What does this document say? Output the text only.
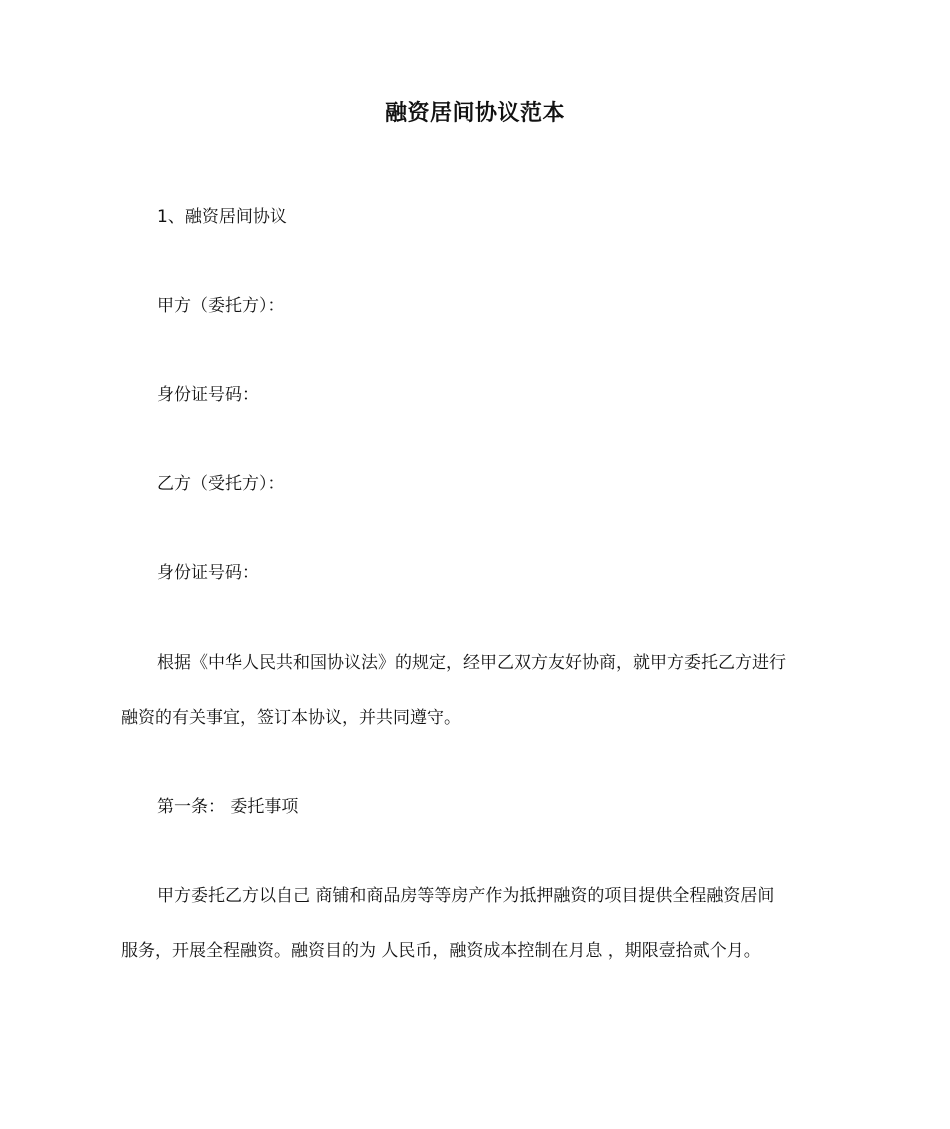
融资居间协议范本
1、融资居间协议
甲方（委托方）：
身份证号码：
乙方（受托方）：
身份证号码：
根据《中华人民共和国协议法》的规定，经甲乙双方友好协商，就甲方委托乙方进行
融资的有关事宜，签订本协议，并共同遵守。
第一条： 委托事项
甲方委托乙方以自己 商铺和商品房等等房产作为抵押融资的项目提供全程融资居间
服务，开展全程融资。融资目的为 人民币，融资成本控制在月息 ，期限壹拾贰个月。
